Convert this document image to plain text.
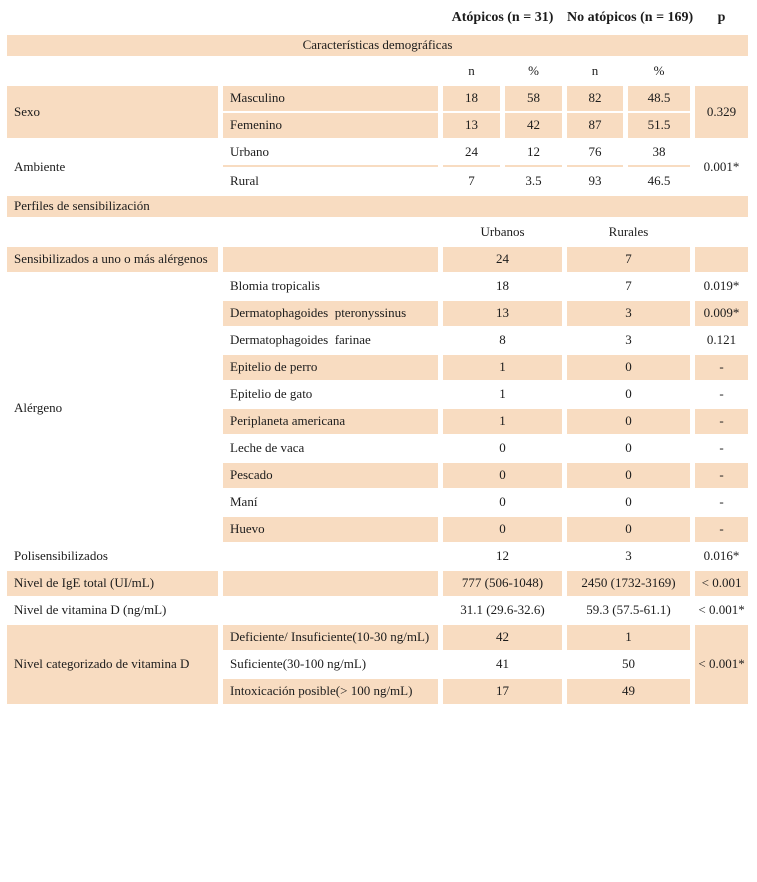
		Atópicos (n = 31)		No atópicos (n = 169)		p
Características demográficas						
		n	%	n	%	
Sexo	Masculino	18	58	82	48.5	0.329
	Femenino	13	42	87	51.5	
Ambiente	Urbano	24	12	76	38	0.001*
	Rural	7	3.5	93	46.5	
Perfiles de sensibilización						
		Urbanos		Rurales		
Sensibilizados a uno o más alérgenos		24		7		
Alérgeno	Blomia tropicalis	18		7		0.019*
	Dermatophagoides  pteronyssinus	13		3		0.009*
	Dermatophagoides  farinae	8		3		0.121
	Epitelio de perro	1		0		-
	Epitelio de gato	1		0		-
	Periplaneta americana	1		0		-
	Leche de vaca	0		0		-
	Pescado	0		0		-
	Maní	0		0		-
	Huevo	0		0		-
Polisensibilizados		12		3		0.016*
Nivel de IgE total (UI/mL)		777 (506-1048)		2450 (1732-3169)		< 0.001
Nivel de vitamina D (ng/mL)		31.1 (29.6-32.6)		59.3 (57.5-61.1)		< 0.001*
Nivel categorizado de vitamina D	Deficiente/ Insuficiente(10-30 ng/mL)	42		1		< 0.001*
	Suficiente(30-100 ng/mL)	41		50		
	Intoxicación posible(> 100 ng/mL)	17		49		
